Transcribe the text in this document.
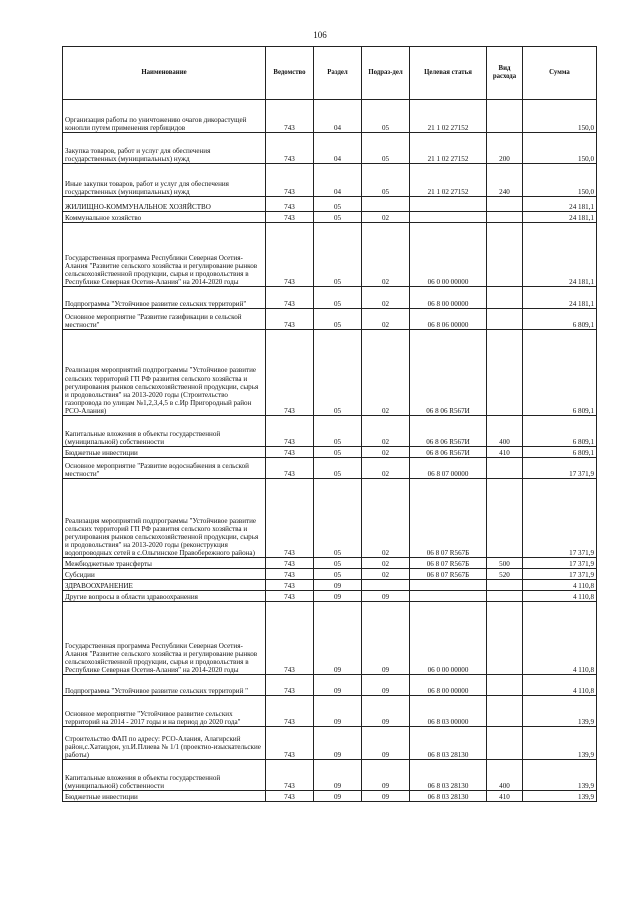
106
Наименование	Ведомство	Раздел	Подраз-дел	Целевая статья	Вид расхода	Сумма
Организация работы по уничтожению очагов дикорастущей конопли путем применения гербицидов	743	04	05	21 1 02 27152		150,0
Закупка товаров, работ и услуг для обеспечения государственных (муниципальных) нужд	743	04	05	21 1 02 27152	200	150,0
Иные закупки товаров, работ и услуг для обеспечения государственных (муниципальных) нужд	743	04	05	21 1 02 27152	240	150,0
ЖИЛИЩНО-КОММУНАЛЬНОЕ ХОЗЯЙСТВО	743	05				24 181,1
Коммунальное хозяйство	743	05	02			24 181,1
Государственная программа Республики Северная Осетия-Алания "Развитие сельского хозяйства и регулирование рынков сельскохозяйственной продукции, сырья и продовольствия в Республике Северная Осетия-Алания" на 2014-2020 годы	743	05	02	06 0 00 00000		24 181,1
Подпрограмма "Устойчивое развитие сельских территорий"	743	05	02	06 8 00 00000		24 181,1
Основное мероприятие "Развитие газификации в сельской местности"	743	05	02	06 8 06 00000		6 809,1
Реализация мероприятий подпрограммы "Устойчивое развитие сельских территорий ГП РФ развития сельского хозяйства и регулирования рынков сельскохозяйственной продукции, сырья и продовольствия" на 2013-2020 годы (Строительство газопровода по улицам №1,2,3,4,5 в с.Ир Пригородный район РСО-Алания)	743	05	02	06 8 06 R567И		6 809,1
Капитальные вложения в объекты государственной (муниципальной) собственности	743	05	02	06 8 06 R567И	400	6 809,1
Бюджетные инвестиции	743	05	02	06 8 06 R567И	410	6 809,1
Основное мероприятие "Развитие водоснабжения в сельской местности"	743	05	02	06 8 07 00000		17 371,9
Реализация мероприятий подпрограммы "Устойчивое развитие сельских территорий ГП РФ развития сельского хозяйства и регулирования рынков сельскохозяйственной продукции, сырья и продовольствия" на 2013-2020 годы (реконструкция водопроводных сетей в с.Ольгинское Правобережного района)	743	05	02	06 8 07 R567Б		17 371,9
Межбюджетные трансферты	743	05	02	06 8 07 R567Б	500	17 371,9
Субсидии	743	05	02	06 8 07 R567Б	520	17 371,9
ЗДРАВООХРАНЕНИЕ	743	09				4 110,8
Другие вопросы в области здравоохранения	743	09	09			4 110,8
Государственная программа Республики Северная Осетия-Алания "Развитие сельского хозяйства и регулирование рынков сельскохозяйственной продукции, сырья и продовольствия в Республике Северная Осетия-Алания" на 2014-2020 годы	743	09	09	06 0 00 00000		4 110,8
Подпрограмма "Устойчивое развитие сельских территорий "	743	09	09	06 8 00 00000		4 110,8
Основное мероприятие "Устойчивое развитие сельских территорий на 2014 - 2017 годы и на период до 2020 года"	743	09	09	06 8 03 00000		139,9
Строительство ФАП по адресу: РСО-Алания, Алагирский район,с.Хатацдон, ул.И.Плиева № 1/1 (проектно-изыскательские работы)	743	09	09	06 8 03 28130		139,9
Капитальные вложения в объекты государственной (муниципальной) собственности	743	09	09	06 8 03 28130	400	139,9
Бюджетные инвестиции	743	09	09	06 8 03 28130	410	139,9
